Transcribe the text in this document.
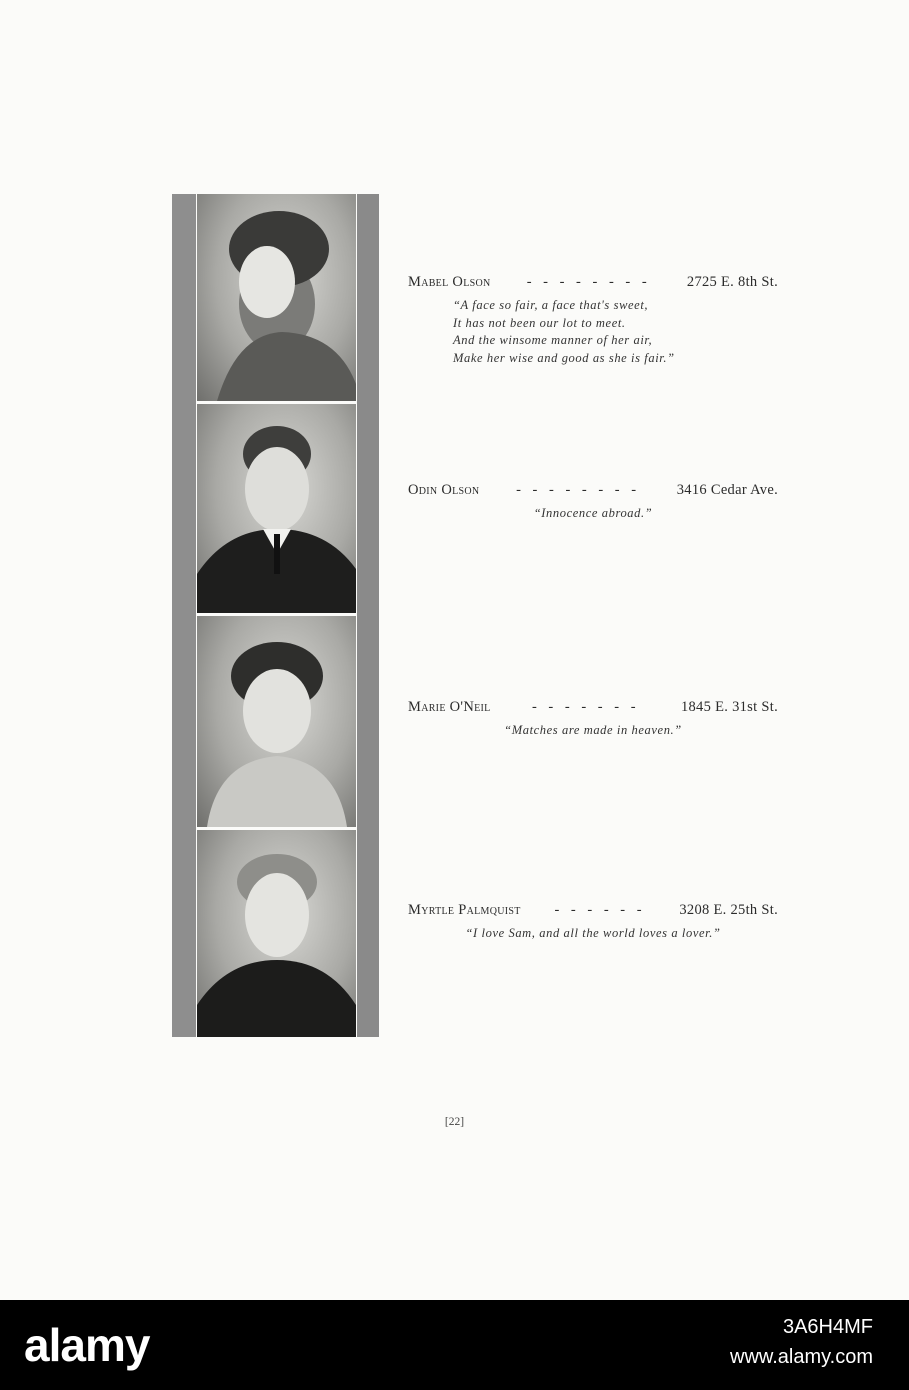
Mabel Olson	- - - - - - - -	2725 E. 8th St.
“A face so fair, a face that's sweet,
It has not been our lot to meet.
And the winsome manner of her air,
Make her wise and good as she is fair.”
Odin Olson	- - - - - - - -	3416 Cedar Ave.
“Innocence abroad.”
Marie O'Neil	- - - - - - -	1845 E. 31st St.
“Matches are made in heaven.”
Myrtle Palmquist	- - - - - -	3208 E. 25th St.
“I love Sam, and all the world loves a lover.”
[22]
alamy	3A6H4MF
www.alamy.com
